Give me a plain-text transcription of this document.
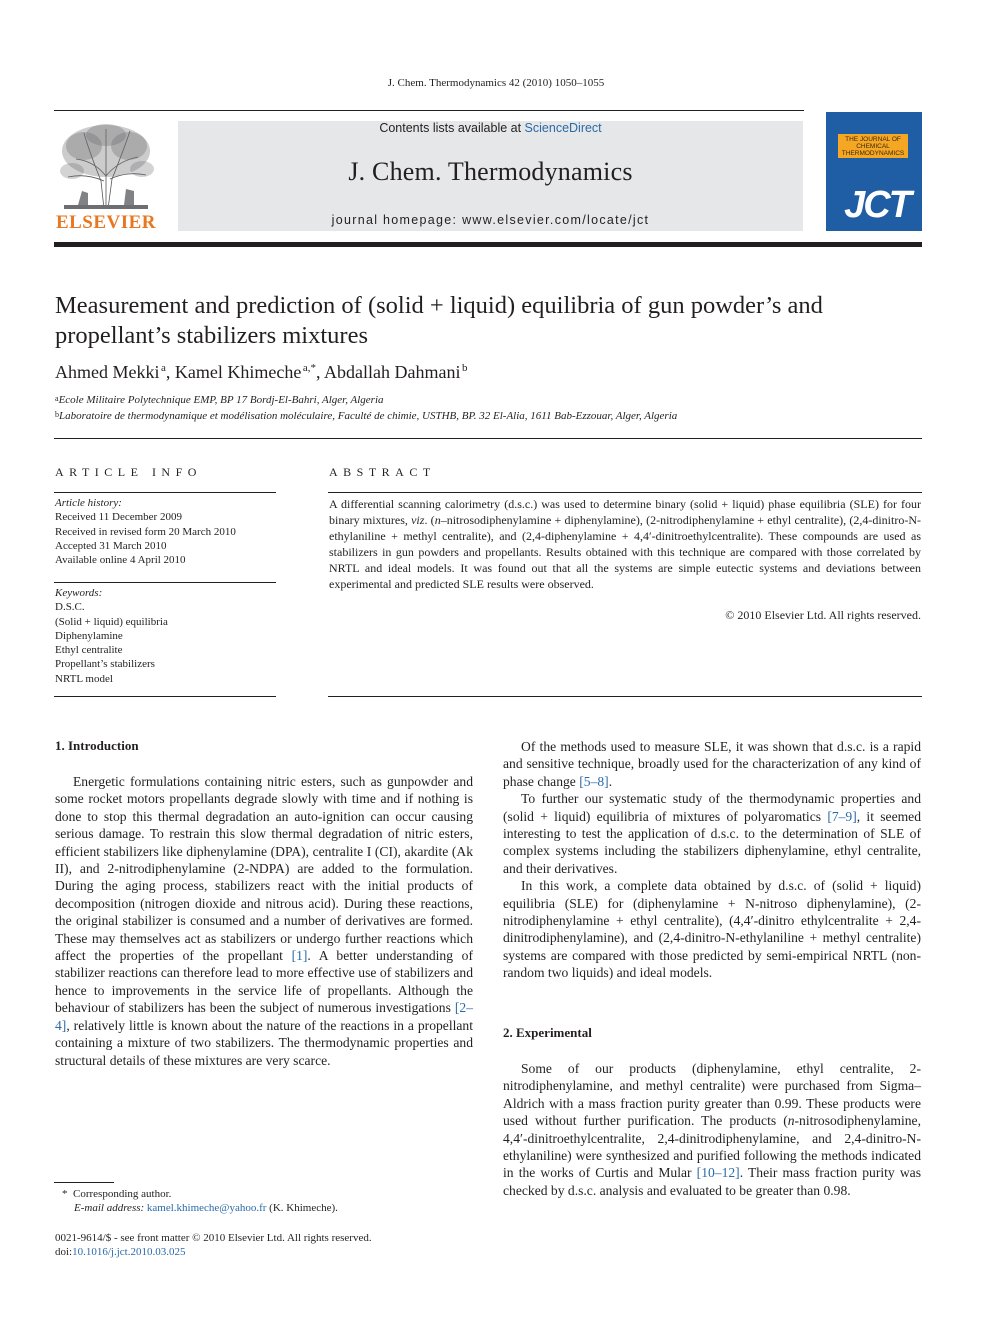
J. Chem. Thermodynamics 42 (2010) 1050–1055
ELSEVIER
Contents lists available at ScienceDirect
J. Chem. Thermodynamics
journal homepage: www.elsevier.com/locate/jct
THE JOURNAL OF CHEMICAL THERMODYNAMICS
JCT
Measurement and prediction of (solid + liquid) equilibria of gun powder’s and propellant’s stabilizers mixtures
Ahmed Mekki  $^a$, Kamel Khimeche  $^{a,*}$, Abdallah Dahmani  $^b$
$^a$Ecole Militaire Polytechnique EMP, BP 17 Bordj-El-Bahri, Alger, Algeria
$^b$Laboratoire de thermodynamique et modélisation moléculaire, Faculté de chimie, USTHB, BP. 32 El-Alia, 1611 Bab-Ezzouar, Alger, Algeria
ARTICLE INFO
Article history:
Received 11 December 2009
Received in revised form 20 March 2010
Accepted 31 March 2010
Available online 4 April 2010
Keywords:
D.S.C.
(Solid + liquid) equilibria
Diphenylamine
Ethyl centralite
Propellant’s stabilizers
NRTL model
ABSTRACT
A differential scanning calorimetry (d.s.c.) was used to determine binary (solid + liquid) phase equilibria (SLE) for four binary mixtures, viz. (n–nitrosodiphenylamine + diphenylamine), (2-nitrodiphenylamine + ethyl centralite), (2,4-dinitro-N-ethylaniline + methyl centralite), and (2,4-diphenylamine + 4,4′-dinitroethylcentralite). These compounds are used as stabilizers in gun powders and propellants. Results obtained with this technique are compared with those correlated by NRTL and ideal models. It was found out that all the systems are simple eutectic systems and deviations between experimental and predicted SLE results were observed.
© 2010 Elsevier Ltd. All rights reserved.
1. Introduction

Energetic formulations containing nitric esters, such as gunpowder and some rocket motors propellants degrade slowly with time and if nothing is done to stop this thermal degradation an auto-ignition can occur causing serious damage. To restrain this slow thermal degradation of nitric esters, efficient stabilizers like diphenylamine (DPA), centralite I (CI), akardite (Ak II), and 2-nitrodiphenylamine (2-NDPA) are added to the formulation. During the aging process, stabilizers react with the initial products of decomposition (nitrogen dioxide and nitrous acid). During these reactions, the original stabilizer is consumed and a number of derivatives are formed. These may themselves act as stabilizers or undergo further reactions which affect the properties of the propellant [1]. A better understanding of stabilizer reactions can therefore lead to more effective use of stabilizers and hence to improvements in the service life of propellants. Although the behaviour of stabilizers has been the subject of numerous investigations [2–4], relatively little is known about the nature of the reactions in a propellant containing a mixture of two stabilizers. The thermodynamic properties and structural details of these mixtures are very scarce.

Of the methods used to measure SLE, it was shown that d.s.c. is a rapid and sensitive technique, broadly used for the characterization of any kind of phase change [5–8].

To further our systematic study of the thermodynamic properties and (solid + liquid) equilibria of mixtures of polyaromatics [7–9], it seemed interesting to test the application of d.s.c. to the determination of SLE of complex systems including the stabilizers diphenylamine, ethyl centralite, and their derivatives.

In this work, a complete data obtained by d.s.c. of (solid + liquid) equilibria (SLE) for (diphenylamine + N-nitroso diphenylamine), (2-nitrodiphenylamine + ethyl centralite), (4,4′-dinitro ethylcentralite + 2,4-dinitrodiphenylamine), and (2,4-dinitro-N-ethylaniline + methyl centralite) systems are compared with those predicted by semi-empirical NRTL (non-random two liquids) and ideal models.

2. Experimental

Some of our products (diphenylamine, ethyl centralite, 2-nitrodiphenylamine, and methyl centralite) were purchased from Sigma–Aldrich with a mass fraction purity greater than 0.99. These products were used without further purification. The products (n-nitrosodiphenylamine, 4,4′-dinitroethylcentralite, 2,4-dinitrodiphenylamine, and 2,4-dinitro-N-ethylaniline) were synthesized and purified following the methods indicated in the works of Curtis and Mular [10–12]. Their mass fraction purity was checked by d.s.c. analysis and evaluated to be greater than 0.98.

* Corresponding author.
E-mail address: kamel.khimeche@yahoo.fr (K. Khimeche).
0021-9614/$ - see front matter © 2010 Elsevier Ltd. All rights reserved.
doi:10.1016/j.jct.2010.03.025
